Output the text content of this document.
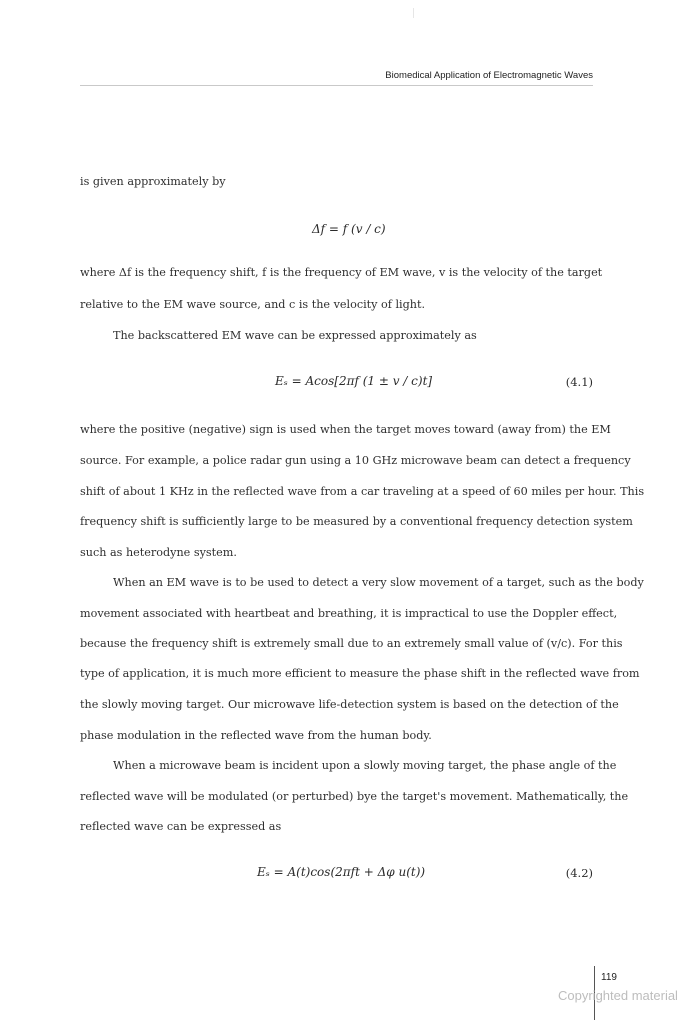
Biomedical Application of Electromagnetic Waves
is given approximately by
Δf = f (v / c)
where Δf is the frequency shift, f is the frequency of EM wave, v is the velocity of the target
relative to the EM wave source, and c is the velocity of light.
The backscattered EM wave can be expressed approximately as
Eₛ = Acos[2πf (1 ± v / c)t]	(4.1)
where the positive (negative) sign is used when the target moves toward (away from) the EM
source. For example, a police radar gun using a 10 GHz microwave beam can detect a frequency
shift of about 1 KHz in the reflected wave from a car traveling at a speed of 60 miles per hour. This
frequency shift is sufficiently large to be measured by a conventional frequency detection system
such as heterodyne system.
When an EM wave is to be used to detect a very slow movement of a target, such as the body
movement associated with heartbeat and breathing, it is impractical to use the Doppler effect,
because the frequency shift is extremely small due to an extremely small value of (v/c). For this
type of application, it is much more efficient to measure the phase shift in the reflected wave from
the slowly moving target. Our microwave life-detection system is based on the detection of the
phase modulation in the reflected wave from the human body.
When a microwave beam is incident upon a slowly moving target, the phase angle of the
reflected wave will be modulated (or perturbed) bye the target's movement. Mathematically, the
reflected wave can be expressed as
Eₛ = A(t)cos(2πft + Δφ u(t))	(4.2)
119
Copyrighted material
